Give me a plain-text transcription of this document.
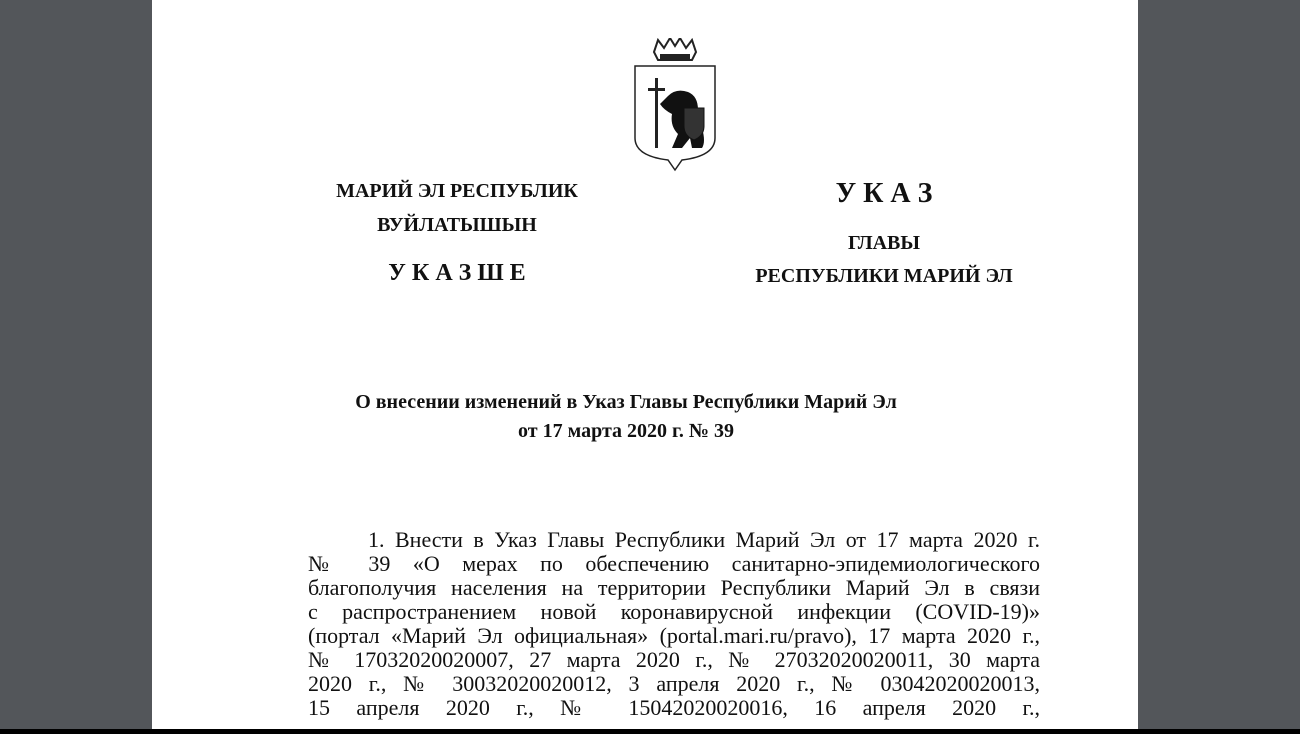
МАРИЙ ЭЛ РЕСПУБЛИК
ВУЙЛАТЫШЫН
У К А З Ш Е
У К А З
ГЛАВЫ
РЕСПУБЛИКИ МАРИЙ ЭЛ
О внесении изменений в Указ Главы Республики Марий Эл
от 17 марта 2020 г. № 39
1. Внести в Указ Главы Республики Марий Эл от 17 марта 2020 г.
№ 39 «О мерах по обеспечению санитарно-эпидемиологического
благополучия населения на территории Республики Марий Эл в связи
с распространением новой коронавирусной инфекции (COVID-19)»
(портал «Марий Эл официальная» (portal.mari.ru/pravo), 17 марта 2020 г.,
№ 17032020020007, 27 марта 2020 г., № 27032020020011, 30 марта
2020 г., № 30032020020012, 3 апреля 2020 г., № 03042020020013,
15 апреля 2020 г., № 15042020020016, 16 апреля 2020 г.,
